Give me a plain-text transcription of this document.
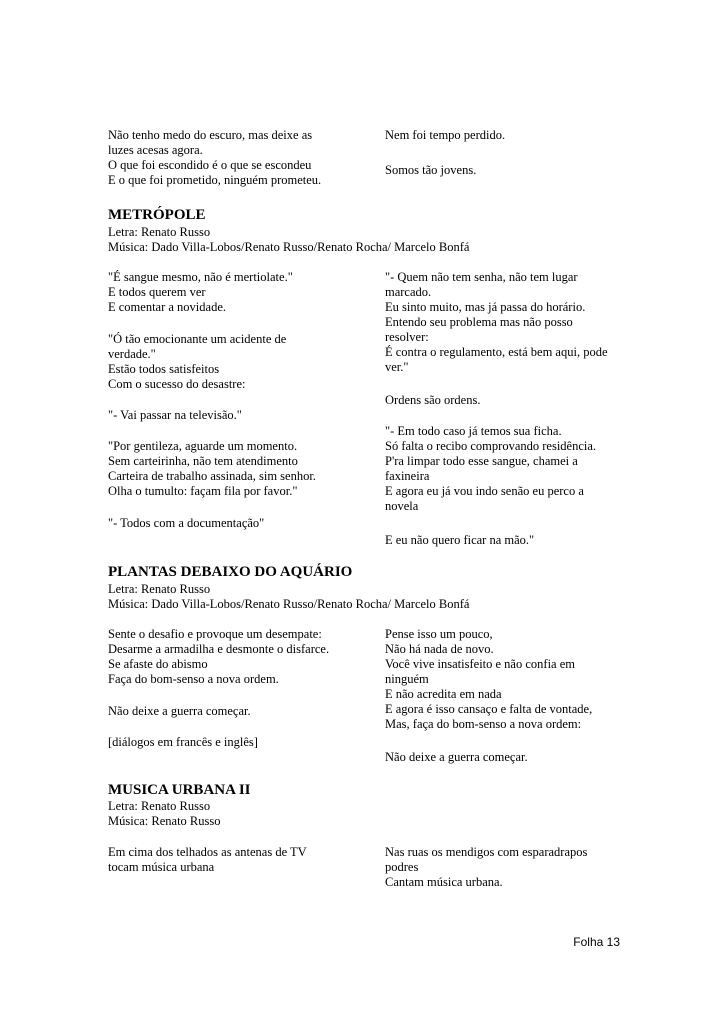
Não tenho medo do escuro, mas deixe as
luzes acesas agora.
O que foi escondido é o que se escondeu
E o que foi prometido, ninguém prometeu.
Nem foi tempo perdido.
Somos tão jovens.
METRÓPOLE
Letra: Renato Russo
Música: Dado Villa-Lobos/Renato Russo/Renato Rocha/ Marcelo Bonfá
"É sangue mesmo, não é mertiolate."
E todos querem ver
E comentar a novidade.
"Ó tão emocionante um acidente de
verdade."
Estão todos satisfeitos
Com o sucesso do desastre:
"- Vai passar na televisão."
"Por gentileza, aguarde um momento.
Sem carteirinha, não tem atendimento
Carteira de trabalho assinada, sim senhor.
Olha o tumulto: façam fila por favor."
"- Todos com a documentação"
"- Quem não tem senha, não tem lugar
marcado.
Eu sinto muito, mas já passa do horário.
Entendo seu problema mas não posso
resolver:
É contra o regulamento, está bem aqui, pode
ver."
Ordens são ordens.
"- Em todo caso já temos sua ficha.
Só falta o recibo comprovando residência.
P'ra limpar todo esse sangue, chamei a
faxineira
E agora eu já vou indo senão eu perco a
novela
E eu não quero ficar na mão."
PLANTAS DEBAIXO DO AQUÁRIO
Letra: Renato Russo
Música: Dado Villa-Lobos/Renato Russo/Renato Rocha/ Marcelo Bonfá
Sente o desafio e provoque um desempate:
Desarme a armadilha e desmonte o disfarce.
Se afaste do abismo
Faça do bom-senso a nova ordem.
Não deixe a guerra começar.
[diálogos em francês e inglês]
Pense isso um pouco,
Não há nada de novo.
Você vive insatisfeito e não confia em
ninguém
E não acredita em nada
E agora é isso cansaço e falta de vontade,
Mas, faça do bom-senso a nova ordem:
Não deixe a guerra começar.
MUSICA URBANA II
Letra: Renato Russo
Música: Renato Russo
Em cima dos telhados as antenas de TV
tocam música urbana
Nas ruas os mendigos com esparadrapos
podres
Cantam música urbana.
Folha 13
